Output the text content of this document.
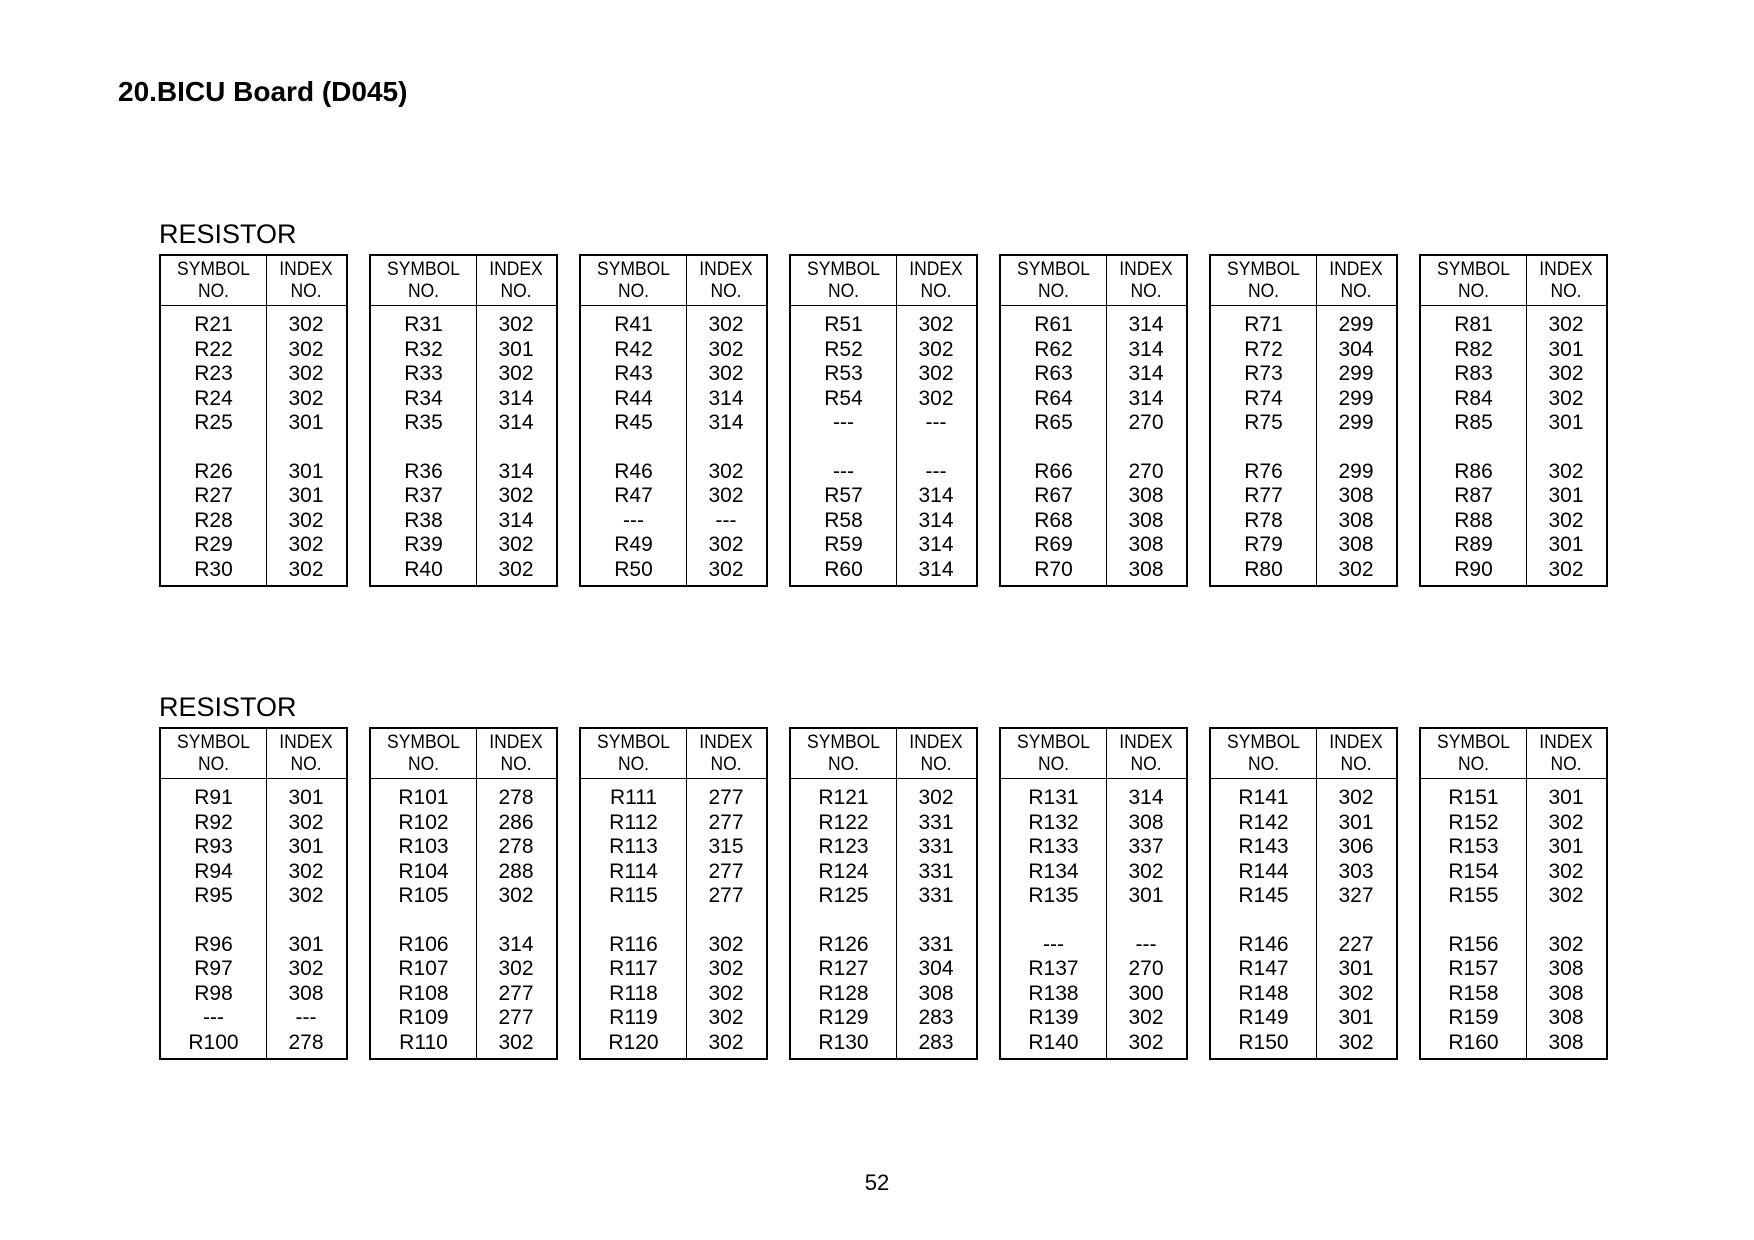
20.BICU Board (D045)
RESISTOR
SYMBOL
NO.
INDEX
NO.
R21	302
R22	302
R23	302
R24	302
R25	301
R26	301
R27	301
R28	302
R29	302
R30	302
SYMBOL
NO.
INDEX
NO.
R31	302
R32	301
R33	302
R34	314
R35	314
R36	314
R37	302
R38	314
R39	302
R40	302
SYMBOL
NO.
INDEX
NO.
R41	302
R42	302
R43	302
R44	314
R45	314
R46	302
R47	302
---	---
R49	302
R50	302
SYMBOL
NO.
INDEX
NO.
R51	302
R52	302
R53	302
R54	302
---	---
---	---
R57	314
R58	314
R59	314
R60	314
SYMBOL
NO.
INDEX
NO.
R61	314
R62	314
R63	314
R64	314
R65	270
R66	270
R67	308
R68	308
R69	308
R70	308
SYMBOL
NO.
INDEX
NO.
R71	299
R72	304
R73	299
R74	299
R75	299
R76	299
R77	308
R78	308
R79	308
R80	302
SYMBOL
NO.
INDEX
NO.
R81	302
R82	301
R83	302
R84	302
R85	301
R86	302
R87	301
R88	302
R89	301
R90	302
RESISTOR
SYMBOL
NO.
INDEX
NO.
R91	301
R92	302
R93	301
R94	302
R95	302
R96	301
R97	302
R98	308
---	---
R100	278
SYMBOL
NO.
INDEX
NO.
R101	278
R102	286
R103	278
R104	288
R105	302
R106	314
R107	302
R108	277
R109	277
R110	302
SYMBOL
NO.
INDEX
NO.
R111	277
R112	277
R113	315
R114	277
R115	277
R116	302
R117	302
R118	302
R119	302
R120	302
SYMBOL
NO.
INDEX
NO.
R121	302
R122	331
R123	331
R124	331
R125	331
R126	331
R127	304
R128	308
R129	283
R130	283
SYMBOL
NO.
INDEX
NO.
R131	314
R132	308
R133	337
R134	302
R135	301
---	---
R137	270
R138	300
R139	302
R140	302
SYMBOL
NO.
INDEX
NO.
R141	302
R142	301
R143	306
R144	303
R145	327
R146	227
R147	301
R148	302
R149	301
R150	302
SYMBOL
NO.
INDEX
NO.
R151	301
R152	302
R153	301
R154	302
R155	302
R156	302
R157	308
R158	308
R159	308
R160	308
52
